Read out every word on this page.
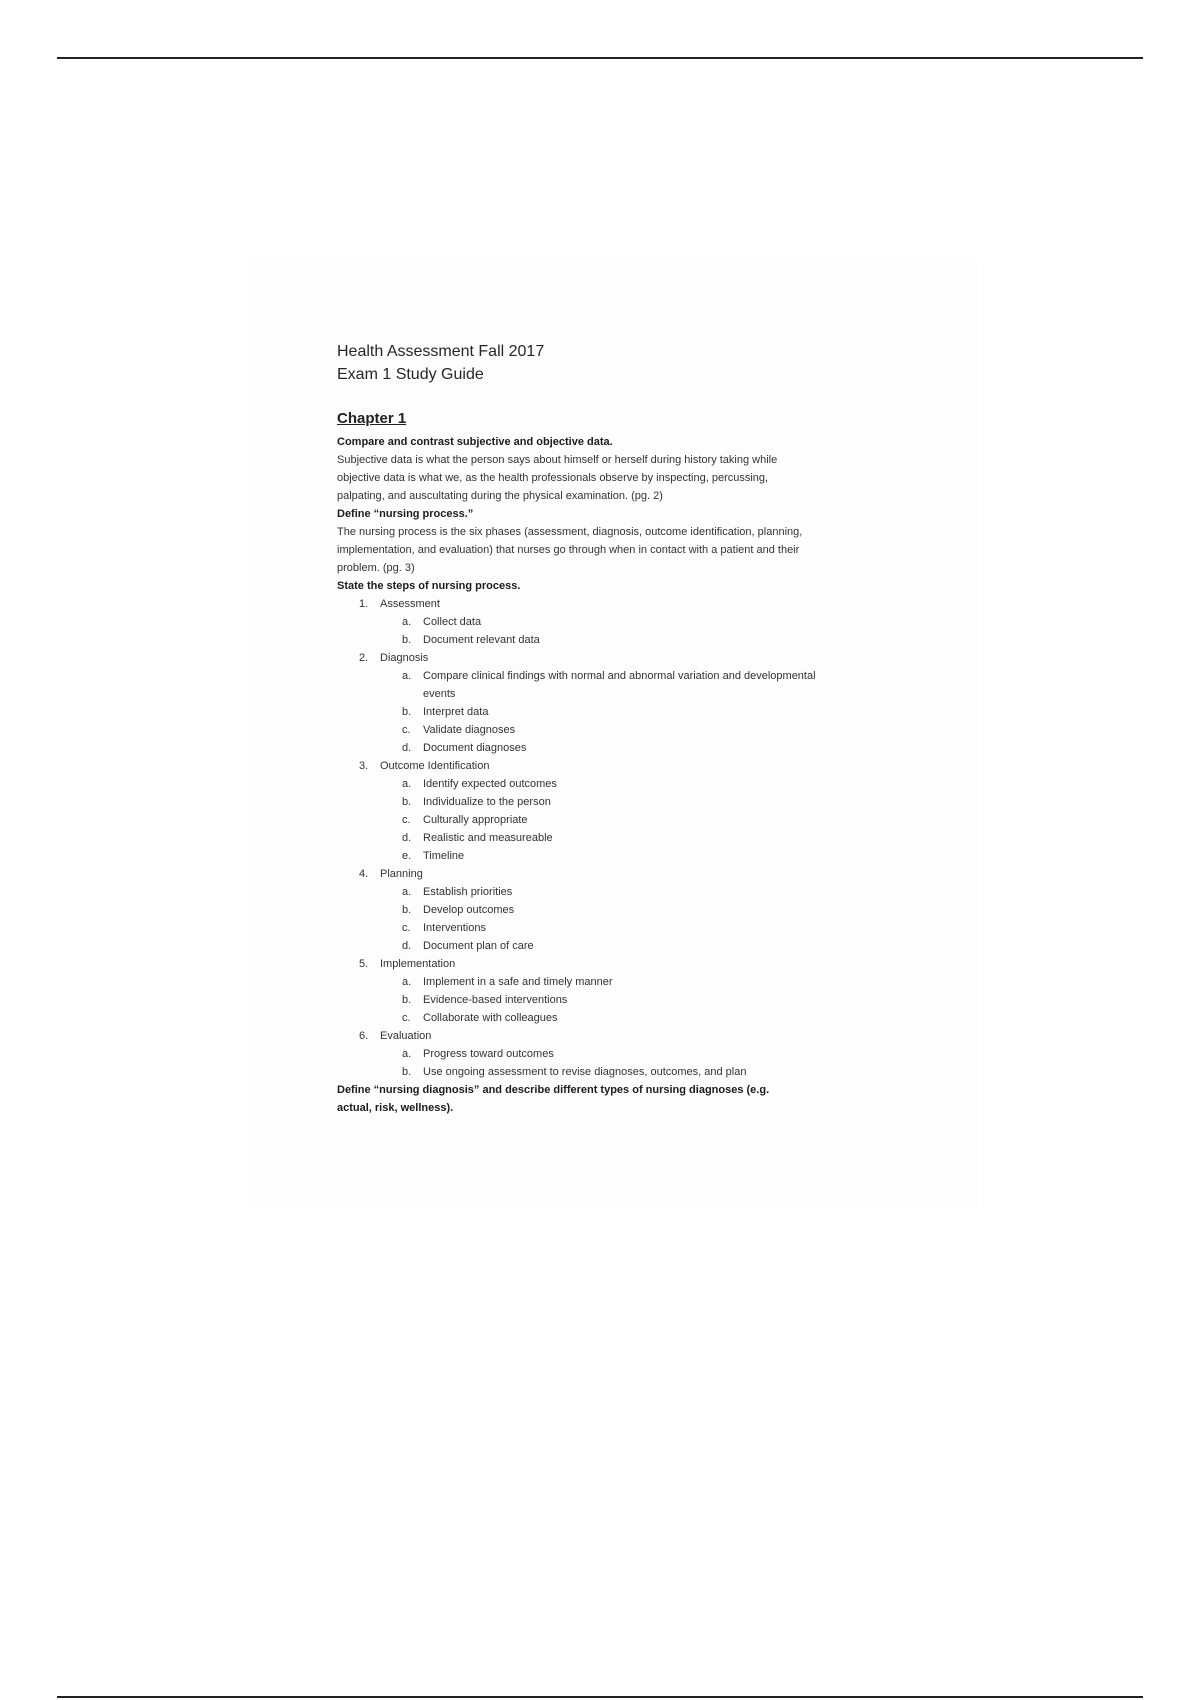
Health Assessment Fall 2017
Exam 1 Study Guide
Chapter 1
Compare and contrast subjective and objective data.
Subjective data is what the person says about himself or herself during history taking while
objective data is what we, as the health professionals observe by inspecting, percussing,
palpating, and auscultating during the physical examination. (pg. 2)
Define “nursing process.”
The nursing process is the six phases (assessment, diagnosis, outcome identification, planning,
implementation, and evaluation) that nurses go through when in contact with a patient and their
problem. (pg. 3)
State the steps of nursing process.
1.	Assessment
a.	Collect data
b.	Document relevant data
2.	Diagnosis
a.	Compare clinical findings with normal and abnormal variation and developmental
events
b.	Interpret data
c.	Validate diagnoses
d.	Document diagnoses
3.	Outcome Identification
a.	Identify expected outcomes
b.	Individualize to the person
c.	Culturally appropriate
d.	Realistic and measureable
e.	Timeline
4.	Planning
a.	Establish priorities
b.	Develop outcomes
c.	Interventions
d.	Document plan of care
5.	Implementation
a.	Implement in a safe and timely manner
b.	Evidence-based interventions
c.	Collaborate with colleagues
6.	Evaluation
a.	Progress toward outcomes
b.	Use ongoing assessment to revise diagnoses, outcomes, and plan
Define “nursing diagnosis” and describe different types of nursing diagnoses (e.g.
actual, risk, wellness).
